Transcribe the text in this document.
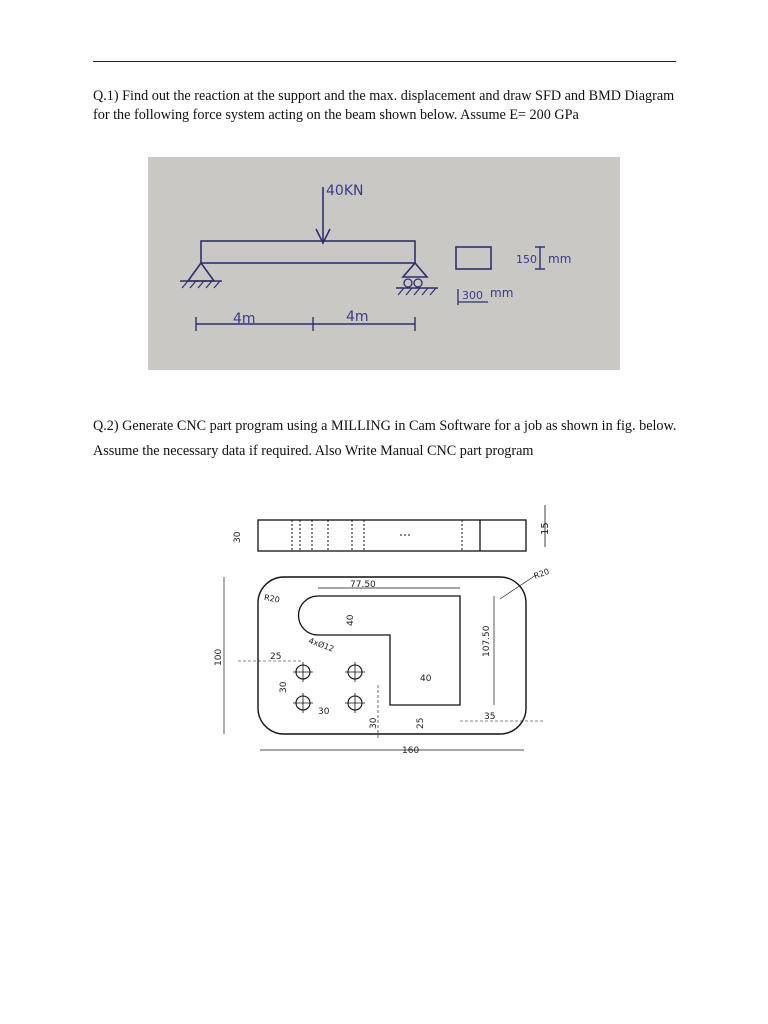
Q.1) Find out the reaction at the support and the max. displacement and draw SFD and BMD Diagram for the following force system acting on the beam shown below. Assume E= 200 GPa

40KN
4m	4m
150 mm
300 mm

Q.2) Generate CNC part program using a MILLING in Cam Software for a job as shown in fig. below. Assume the necessary data if required. Also Write Manual CNC part program

15
30
100
77.50
R20
R20
40
4xØ12	107.50
40
25
30
30
30	25
35
160
